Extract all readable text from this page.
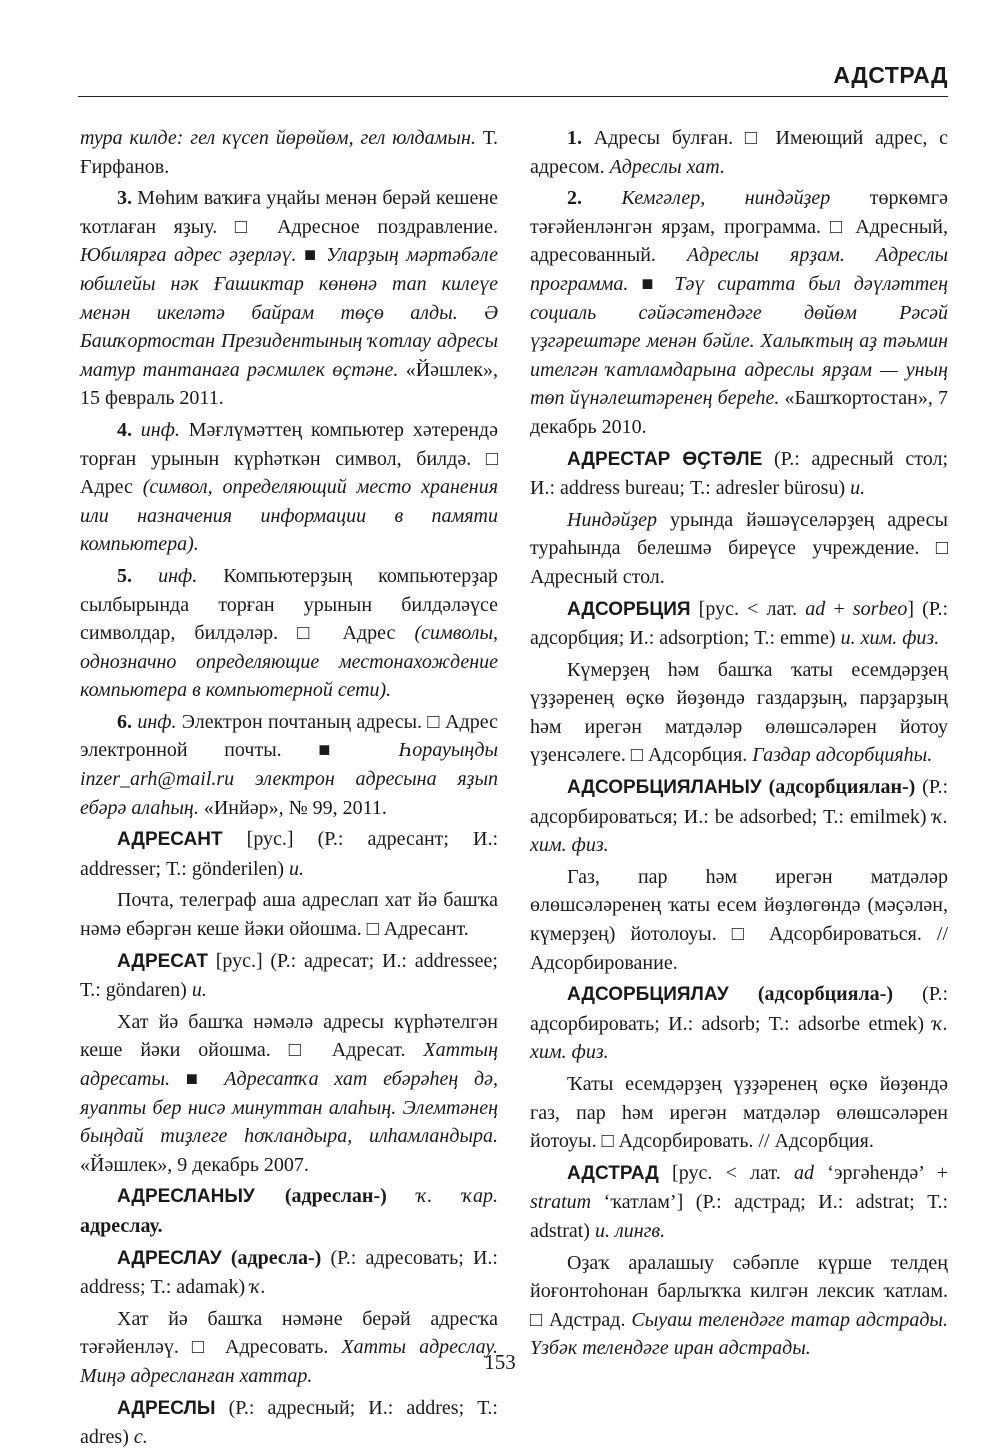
АДСТРАД

тура килде: гел күсеп йөрөйөм, гел юлдамын. Т. Ғирфанов.

3. Мөһим ваҡиға уңайы менән берәй кешене ҡотлаған яҙыу. □ Адресное поздравление. Юбилярға адрес әҙерләү. ■ Уларҙың мәртәбәле юбилейы нәк Ғашиктар көнөнә тап килеүе менән икеләтә байрам төҫө алды. Ә Башҡортостан Президентының ҡотлау адресы матур тантанаға рәсмилек өҫтәне. «Йәшлек», 15 февраль 2011.

4. инф. Мәғлүмәттең компьютер хәтерендә торған урынын күрһәткән символ, билдә. □ Адрес (символ, определяющий место хранения или назначения информации в памяти компьютера).

5. инф. Компьютерҙың компьютерҙар сылбырында торған урынын билдәләүсе символдар, билдәләр. □ Адрес (символы, однозначно определяющие местонахождение компьютера в компьютерной сети).

6. инф. Электрон почтаның адресы. □ Адрес электронной почты. ■ Һорауыңды inzer_arh@mail.ru электрон адресына яҙып ебәрә алаһың. «Инйәр», № 99, 2011.

АДРЕСАНТ [рус.] (Р.: адресант; И.: addresser; Т.: gönderilen) и.

Почта, телеграф аша адреслап хат йә башҡа нәмә ебәргән кеше йәки ойошма. □ Адресант.

АДРЕСАТ [рус.] (Р.: адресат; И.: addressee; Т.: göndaren) и.

Хат йә башҡа нәмәлә адресы күрһәтелгән кеше йәки ойошма. □ Адресат. Хаттың адресаты. ■ Адресатҡа хат ебәрәһең дә, яуапты бер нисә минуттан алаһың. Элемтәнең быңдай тиҙлеге һоҡландыра, илһамландыра. «Йәшлек», 9 декабрь 2007.

АДРЕСЛАНЫУ (адреслан-) ҡ. ҡар. адреслау.

АДРЕСЛАУ (адресла-) (Р.: адресовать; И.: address; Т.: adamak) ҡ.

Хат йә башҡа нәмәне берәй адресҡа тәғәйенләү. □ Адресовать. Хатты адреслау. Миңә адресланған хаттар.

АДРЕСЛЫ (Р.: адресный; И.: addres; Т.: adres) с.

1. Адресы булған. □ Имеющий адрес, с адресом. Адреслы хат.

2. Кемгәлер, ниндәйҙер төркөмгә тәғәйенләнгән ярҙам, программа. □ Адресный, адресованный. Адреслы ярҙам. Адреслы программа. ■ Тәү сиратта был дәүләттең социаль сәйәсәтендәге дөйөм Рәсәй үҙгәрештәре менән бәйле. Халыҡтың аҙ тәьмин ителгән ҡатламдарына адреслы ярҙам — уның төп йүнәлештәренең береһе. «Башҡортостан», 7 декабрь 2010.

АДРЕСТАР ӨҪТӘЛЕ (Р.: адресный стол; И.: address bureau; Т.: adresler bürosu) и.

Ниндәйҙер урында йәшәүселәрҙең адресы тураһында белешмә биреүсе учреждение. □ Адресный стол.

АДСОРБЦИЯ [рус. < лат. ad + sorbeo] (Р.: адсорбция; И.: adsorption; Т.: emme) и. хим. физ.

Күмерҙең һәм башҡа ҡаты есемдәрҙең үҙҙәренең өҫкө йөҙөндә газдарҙың, парҙарҙың һәм ирегән матдәләр өлөшсәләрен йотоу үҙенсәлеге. □ Адсорбция. Газдар адсорбцияһы.

АДСОРБЦИЯЛАНЫУ (адсорбциялан-) (Р.: адсорбироваться; И.: be adsorbed; Т.: emilmek) ҡ. хим. физ.

Газ, пар һәм ирегән матдәләр өлөшсәләренең ҡаты есем йөҙлөгөндә (мәҫәлән, күмерҙең) йотолоуы. □ Адсорбироваться. // Адсорбирование.

АДСОРБЦИЯЛАУ (адсорбцияла-) (Р.: адсорбировать; И.: adsorb; Т.: adsorbe etmek) ҡ. хим. физ.

Ҡаты есемдәрҙең үҙҙәренең өҫкө йөҙөндә газ, пар һәм ирегән матдәләр өлөшсәләрен йотоуы. □ Адсорбировать. // Адсорбция.

АДСТРАД [рус. < лат. ad ‘эргәһендә’ + stratum ‘ҡатлам’] (Р.: адстрад; И.: adstrat; Т.: adstrat) и. лингв.

Оҙаҡ аралашыу сәбәпле күрше телдең йоғонтоһонан барлыҡҡа килгән лексик ҡатлам. □ Адстрад. Сыуаш телендәге татар адстрады. Үзбәк телендәге иран адстрады.

153
